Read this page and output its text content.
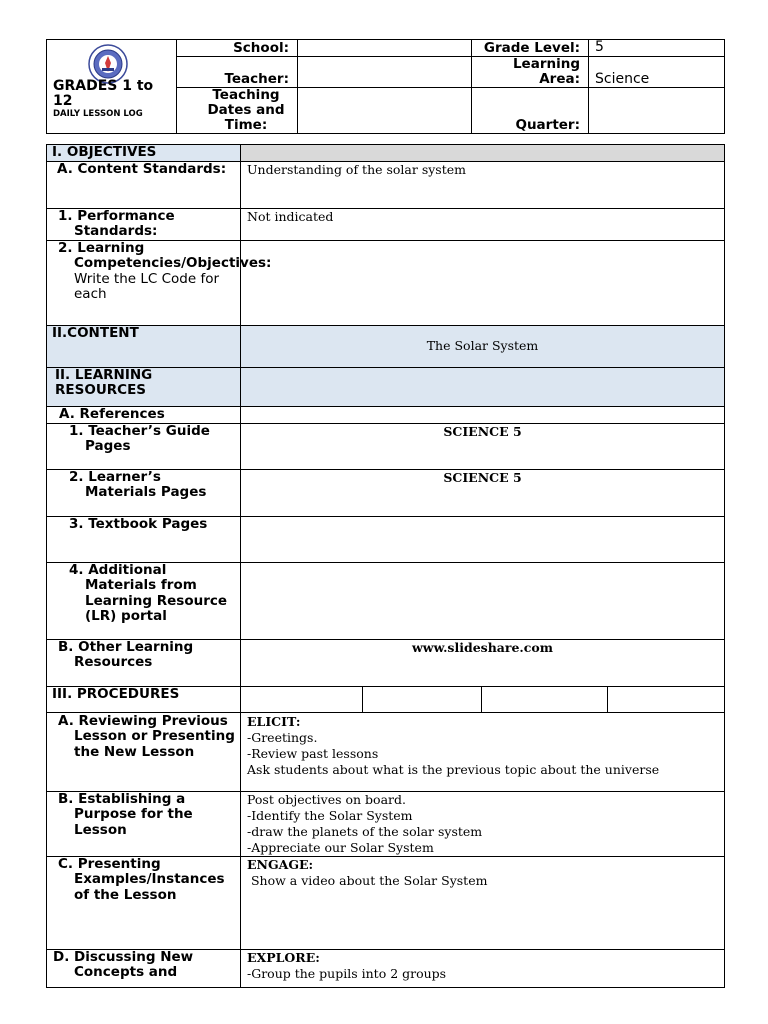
GRADES 1 to 12
DAILY LESSON LOG	School:		Grade Level:	5
	Teacher:		Learning Area:	Science
	Teaching Dates and Time:		Quarter:	
I. OBJECTIVES				
A. Content Standards:	Understanding of the solar system			
1. Performance Standards:	Not indicated			

2. Learning Competencies/Objectives:
Write the LC Code for each				

II.CONTENT	The Solar System			
II. LEARNING RESOURCES				
A. References				
1. Teacher’s Guide Pages	SCIENCE 5			
2. Learner’s Materials Pages	SCIENCE 5			
3. Textbook Pages				
4. Additional Materials from Learning Resource (LR) portal				
B. Other Learning Resources	www.slideshare.com			
III. PROCEDURES				
A. Reviewing Previous Lesson or Presenting the New Lesson	ELICIT:
-Greetings.
-Review past lessons
Ask students about what is the previous topic about the universe			

B. Establishing a Purpose for the Lesson	Post objectives on board.
-Identify the Solar System
-draw the planets of the solar system
-Appreciate our Solar System			

C. Presenting Examples/Instances of the Lesson	ENGAGE:
Show a video about the Solar System			

D. Discussing New Concepts and	EXPLORE:
-Group the pupils into 2 groups			
